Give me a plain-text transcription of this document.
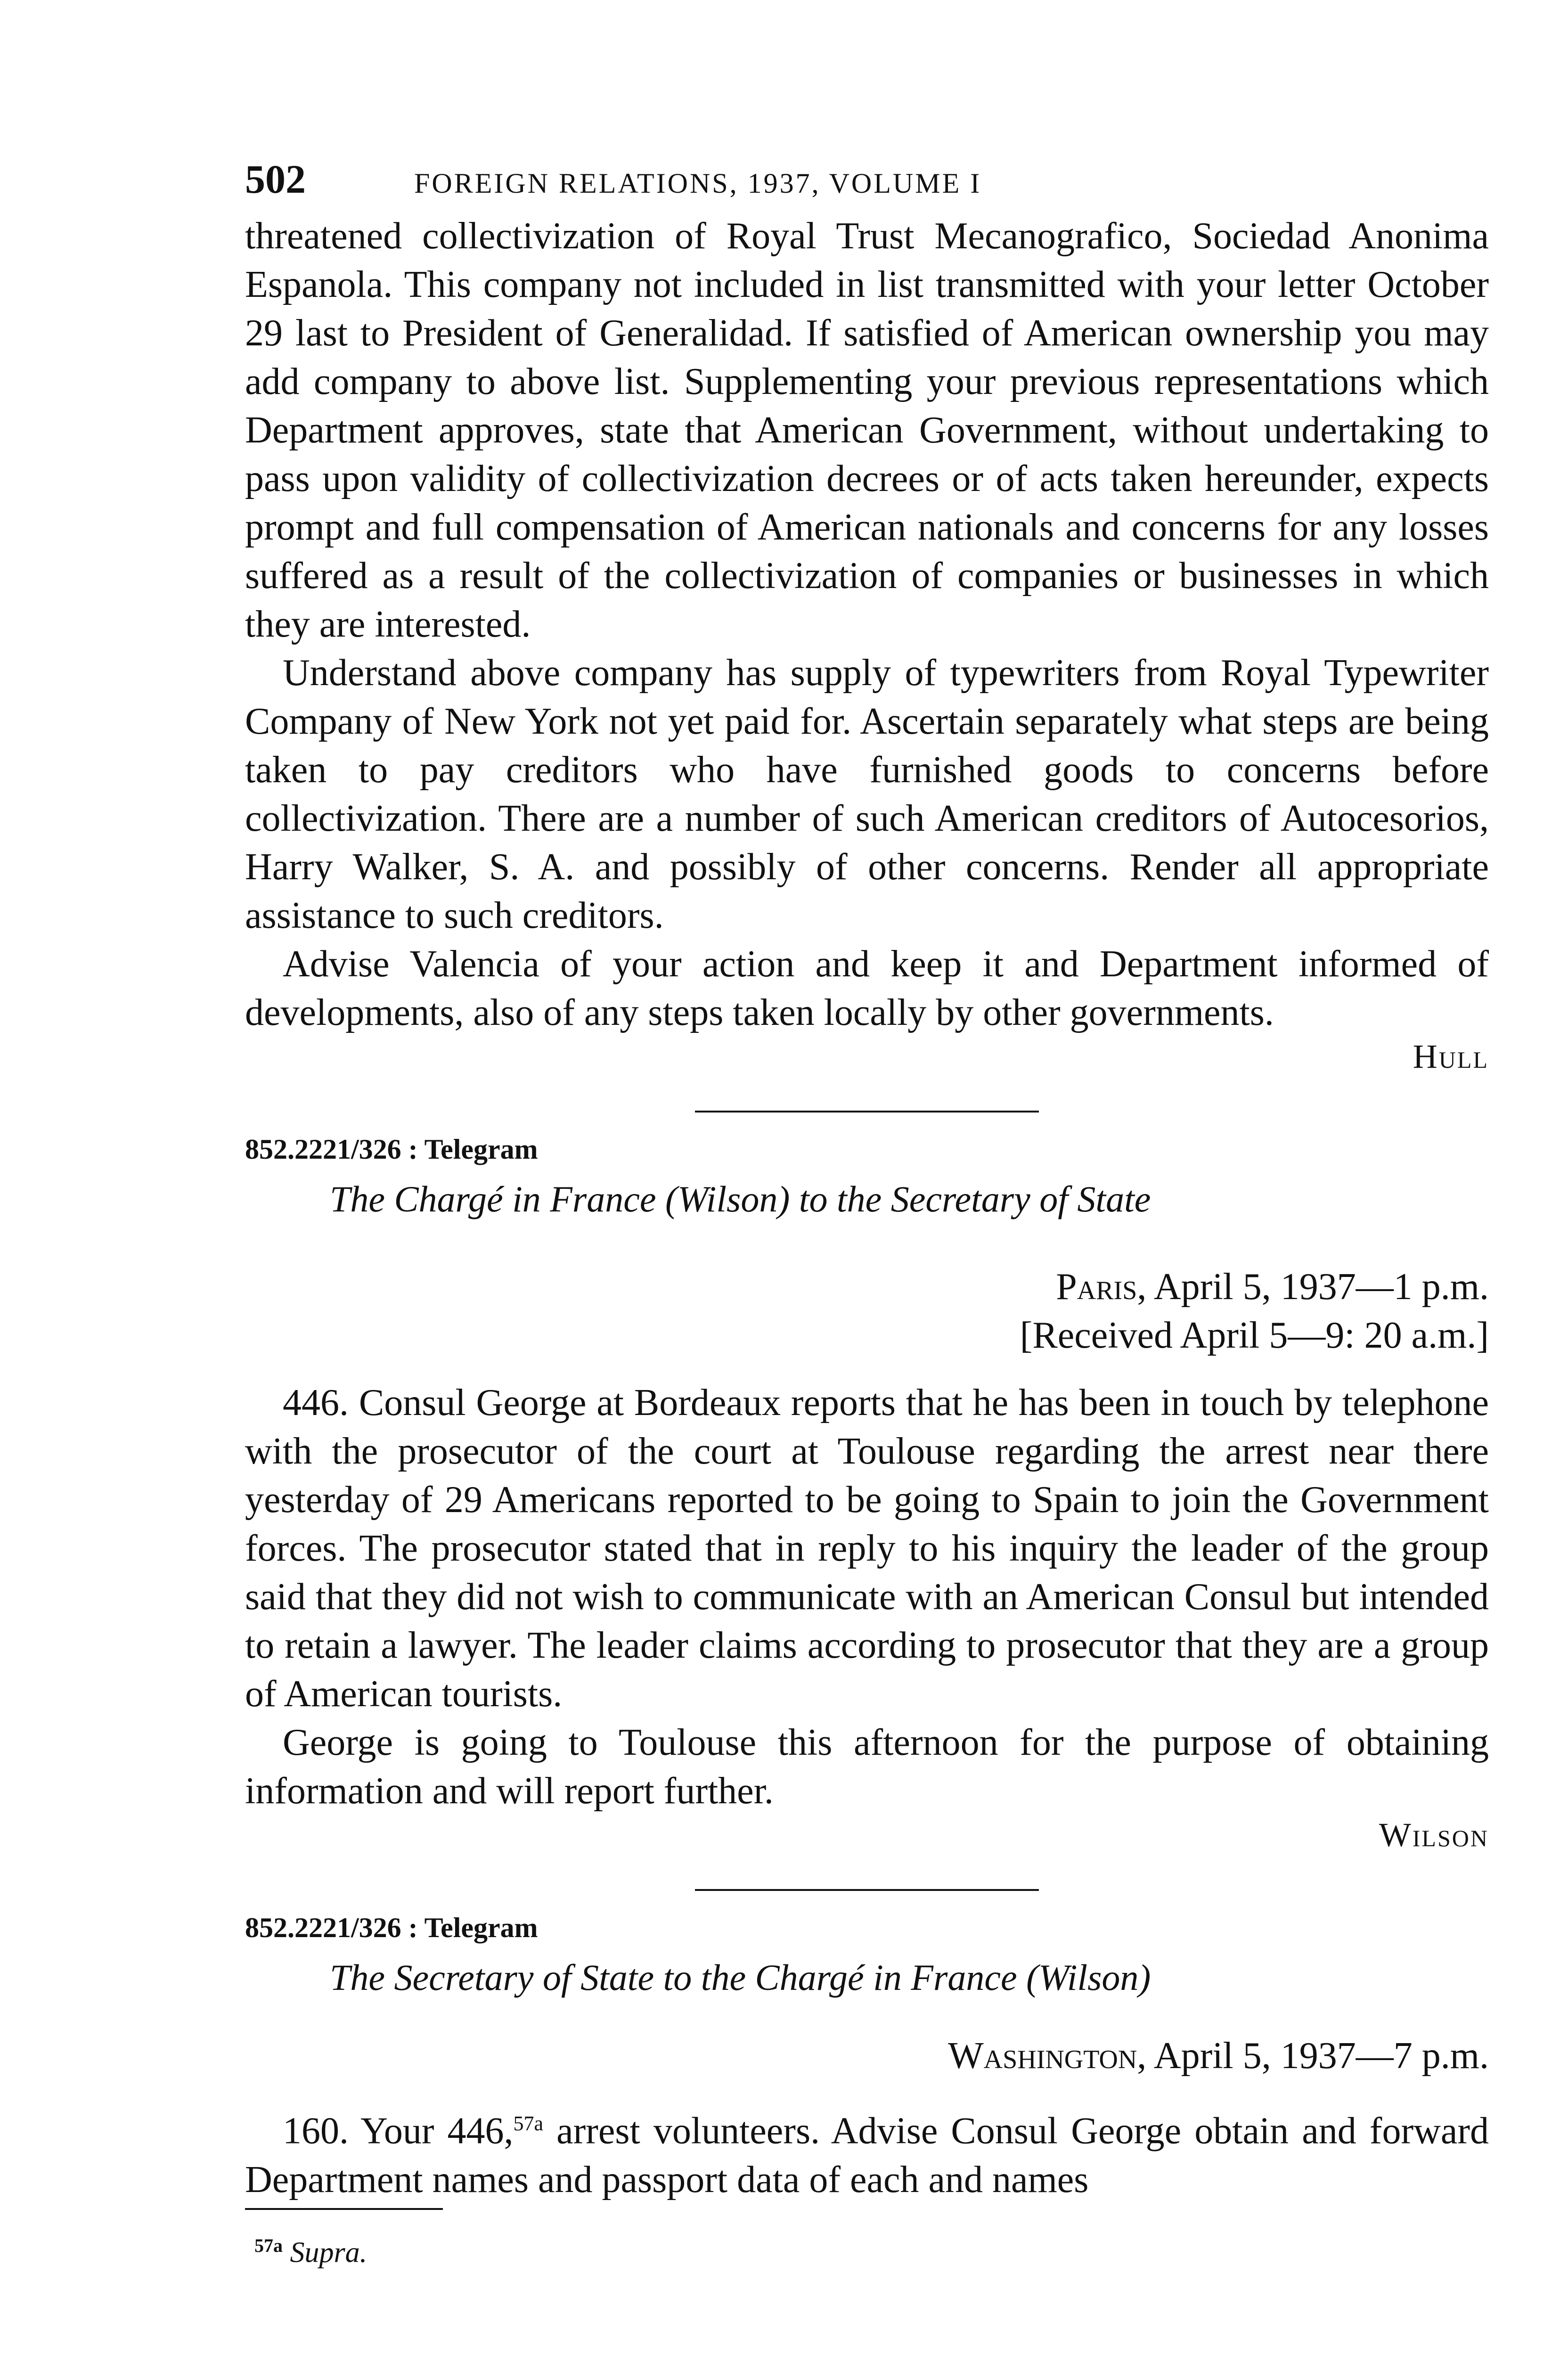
502	FOREIGN RELATIONS, 1937, VOLUME I

threatened collectivization of Royal Trust Mecanografico, Sociedad Anonima Espanola. This company not included in list transmitted with your letter October 29 last to President of Generalidad. If satisfied of American ownership you may add company to above list. Supplementing your previous representations which Department approves, state that American Government, without undertaking to pass upon validity of collectivization decrees or of acts taken hereunder, expects prompt and full compensation of American nationals and concerns for any losses suffered as a result of the collectivization of companies or businesses in which they are interested.

Understand above company has supply of typewriters from Royal Typewriter Company of New York not yet paid for. Ascertain separately what steps are being taken to pay creditors who have furnished goods to concerns before collectivization. There are a number of such American creditors of Autocesorios, Harry Walker, S. A. and possibly of other concerns. Render all appropriate assistance to such creditors.

Advise Valencia of your action and keep it and Department informed of developments, also of any steps taken locally by other governments.

Hull
852.2221/326 : Telegram
The Chargé in France (Wilson) to the Secretary of State
Paris, April 5, 1937—1 p.m.
[Received April 5—9: 20 a.m.]

446. Consul George at Bordeaux reports that he has been in touch by telephone with the prosecutor of the court at Toulouse regarding the arrest near there yesterday of 29 Americans reported to be going to Spain to join the Government forces. The prosecutor stated that in reply to his inquiry the leader of the group said that they did not wish to communicate with an American Consul but intended to retain a lawyer. The leader claims according to prosecutor that they are a group of American tourists.

George is going to Toulouse this afternoon for the purpose of obtaining information and will report further.

Wilson
852.2221/326 : Telegram
The Secretary of State to the Chargé in France (Wilson)
Washington, April 5, 1937—7 p.m.

160. Your 446,$^{57a}$ arrest volunteers. Advise Consul George obtain and forward Department names and passport data of each and names

$^{57a}$ Supra.
